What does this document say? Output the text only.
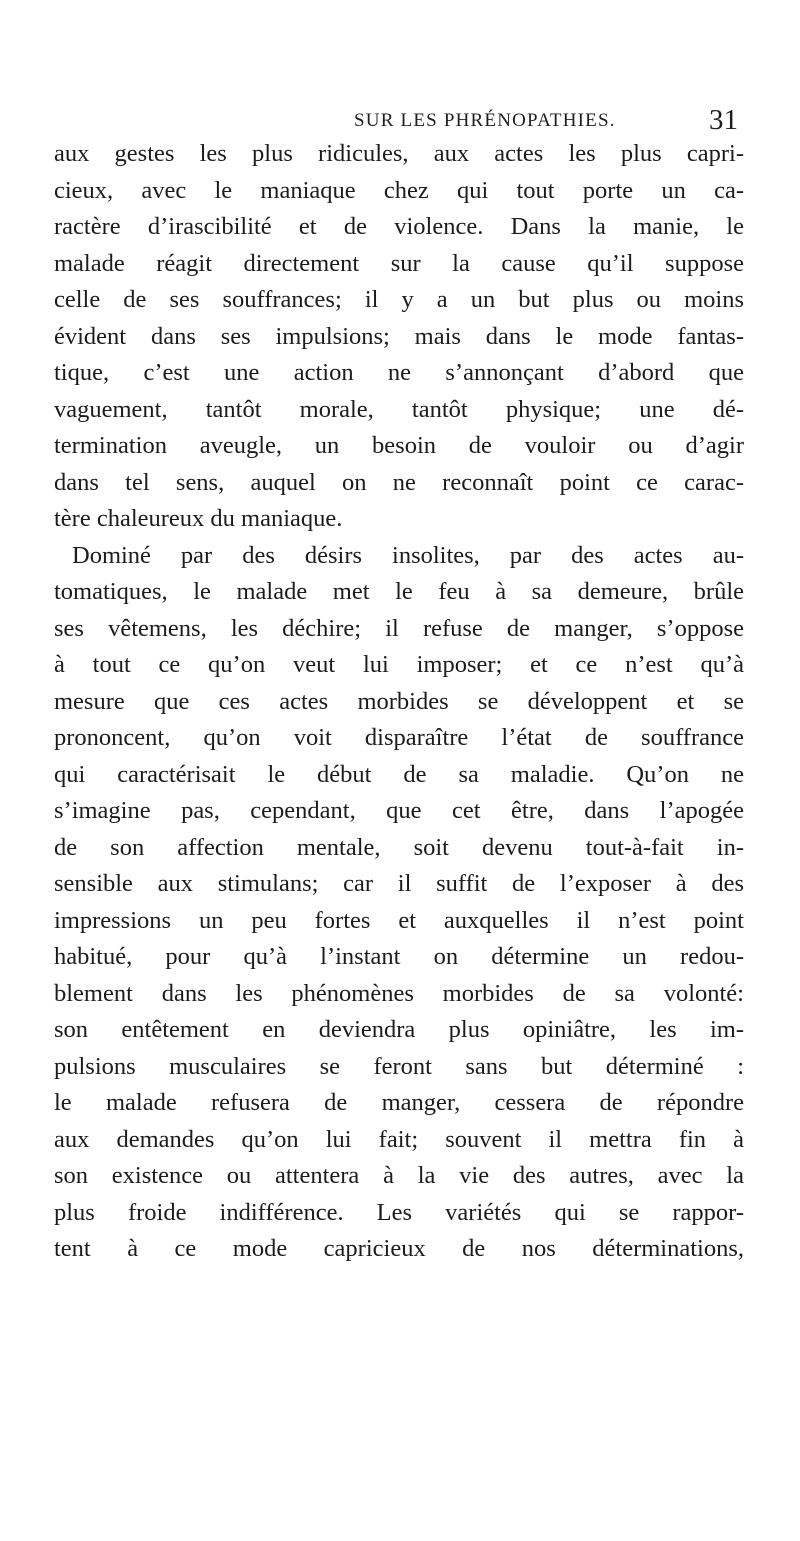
SUR LES PHRÉNOPATHIES.	31
aux gestes les plus ridicules, aux actes les plus capri-
cieux, avec le maniaque chez qui tout porte un ca-
ractère d’irascibilité et de violence. Dans la manie, le
malade réagit directement sur la cause qu’il suppose
celle de ses souffrances; il y a un but plus ou moins
évident dans ses impulsions; mais dans le mode fantas-
tique, c’est une action ne s’annonçant d’abord que
vaguement, tantôt morale, tantôt physique; une dé-
termination aveugle, un besoin de vouloir ou d’agir
dans tel sens, auquel on ne reconnaît point ce carac-
tère chaleureux du maniaque.
Dominé par des désirs insolites, par des actes au-
tomatiques, le malade met le feu à sa demeure, brûle
ses vêtemens, les déchire; il refuse de manger, s’oppose
à tout ce qu’on veut lui imposer; et ce n’est qu’à
mesure que ces actes morbides se développent et se
prononcent, qu’on voit disparaître l’état de souffrance
qui caractérisait le début de sa maladie. Qu’on ne
s’imagine pas, cependant, que cet être, dans l’apogée
de son affection mentale, soit devenu tout-à-fait in-
sensible aux stimulans; car il suffit de l’exposer à des
impressions un peu fortes et auxquelles il n’est point
habitué, pour qu’à l’instant on détermine un redou-
blement dans les phénomènes morbides de sa volonté:
son entêtement en deviendra plus opiniâtre, les im-
pulsions musculaires se feront sans but déterminé :
le malade refusera de manger, cessera de répondre
aux demandes qu’on lui fait; souvent il mettra fin à
son existence ou attentera à la vie des autres, avec la
plus froide indifférence. Les variétés qui se rappor-
tent à ce mode capricieux de nos déterminations,
